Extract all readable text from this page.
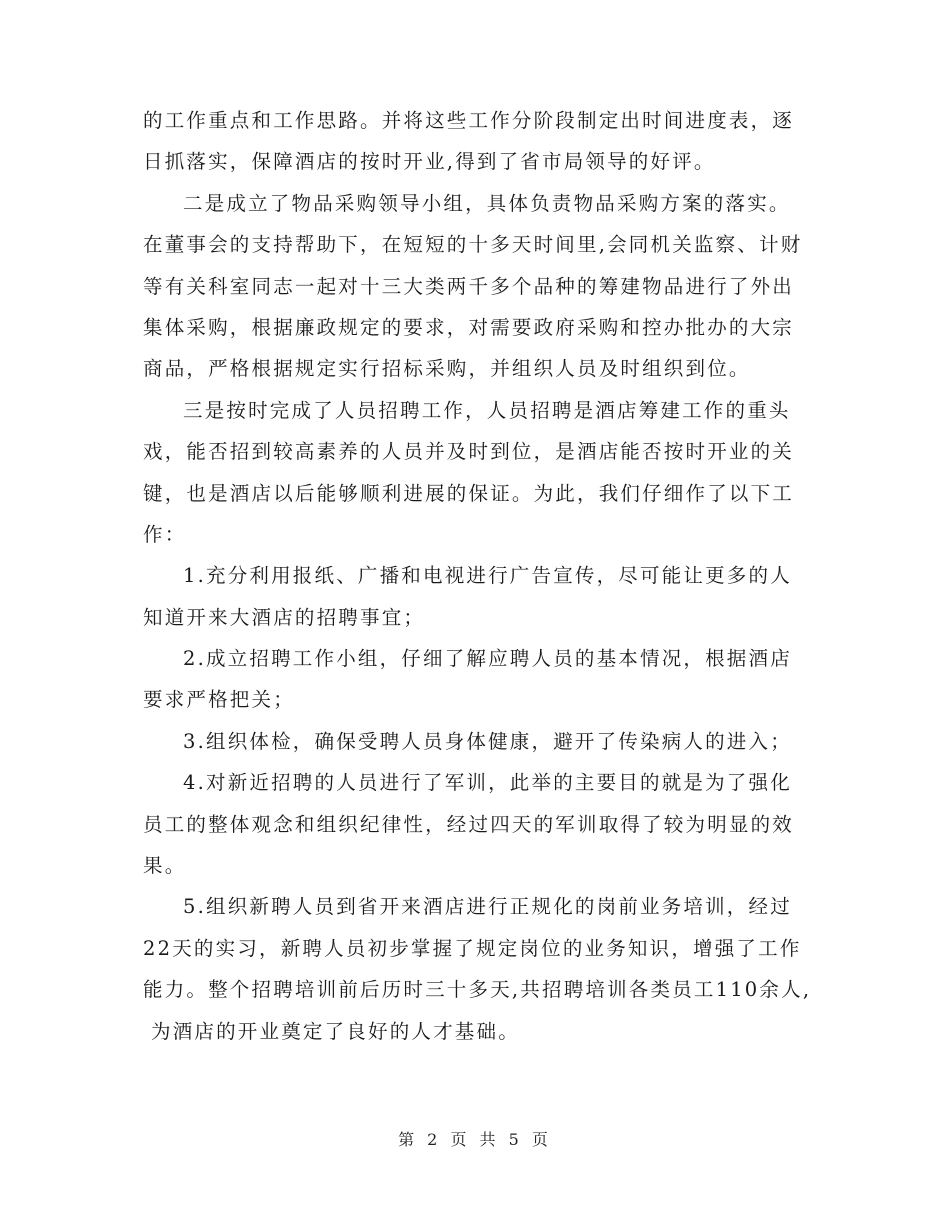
的工作重点和工作思路。并将这些工作分阶段制定出时间进度表，逐
日抓落实，保障酒店的按时开业,得到了省市局领导的好评。
二是成立了物品采购领导小组，具体负责物品采购方案的落实。
在董事会的支持帮助下，在短短的十多天时间里,会同机关监察、计财
等有关科室同志一起对十三大类两千多个品种的筹建物品进行了外出
集体采购，根据廉政规定的要求，对需要政府采购和控办批办的大宗
商品，严格根据规定实行招标采购，并组织人员及时组织到位。
三是按时完成了人员招聘工作，人员招聘是酒店筹建工作的重头
戏，能否招到较高素养的人员并及时到位，是酒店能否按时开业的关
键，也是酒店以后能够顺利进展的保证。为此，我们仔细作了以下工
作：
1.充分利用报纸、广播和电视进行广告宣传，尽可能让更多的人
知道开来大酒店的招聘事宜；
2.成立招聘工作小组，仔细了解应聘人员的基本情况，根据酒店
要求严格把关；
3.组织体检，确保受聘人员身体健康，避开了传染病人的进入；
4.对新近招聘的人员进行了军训，此举的主要目的就是为了强化
员工的整体观念和组织纪律性，经过四天的军训取得了较为明显的效
果。
5.组织新聘人员到省开来酒店进行正规化的岗前业务培训，经过
22天的实习，新聘人员初步掌握了规定岗位的业务知识，增强了工作
能力。整个招聘培训前后历时三十多天,共招聘培训各类员工110余人,
为酒店的开业奠定了良好的人才基础。
第 2 页 共 5 页
